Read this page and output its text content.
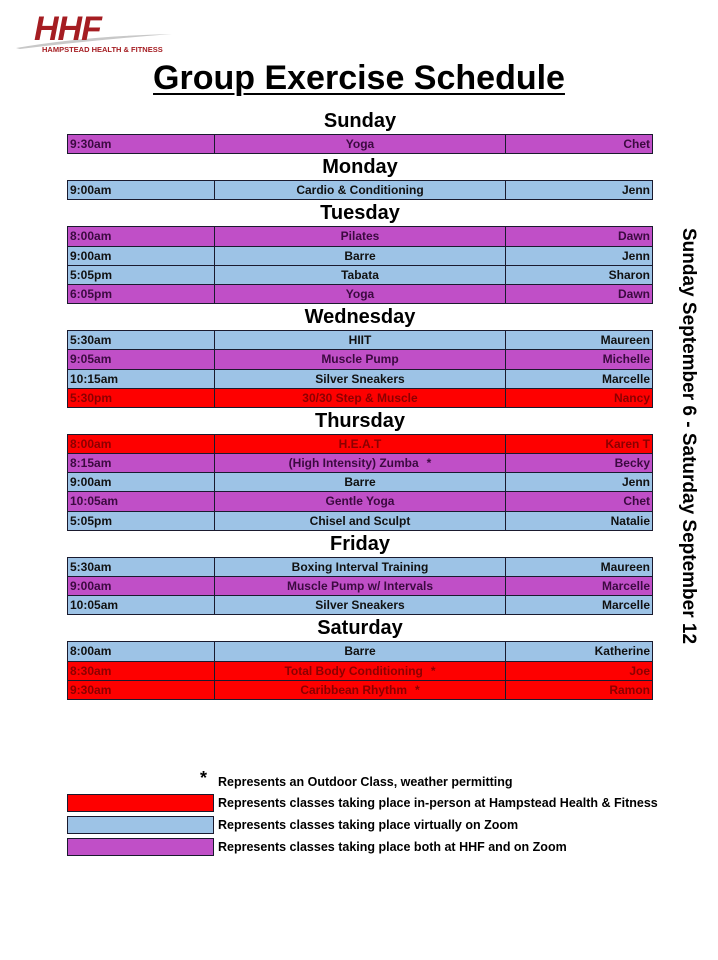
HHF
HAMPSTEAD HEALTH & FITNESS
Group Exercise Schedule
Sunday
9:30am	Yoga	Chet
Monday
9:00am	Cardio & Conditioning	Jenn
Tuesday
8:00am	Pilates	Dawn
9:00am	Barre	Jenn
5:05pm	Tabata	Sharon
6:05pm	Yoga	Dawn
Wednesday
5:30am	HIIT	Maureen
9:05am	Muscle Pump	Michelle
10:15am	Silver Sneakers	Marcelle
5:30pm	30/30 Step & Muscle	Nancy
Thursday
8:00am	H.E.A.T	Karen T
8:15am	(High Intensity) Zumba *	Becky
9:00am	Barre	Jenn
10:05am	Gentle Yoga	Chet
5:05pm	Chisel and Sculpt	Natalie
Friday
5:30am	Boxing Interval Training	Maureen
9:00am	Muscle Pump w/ Intervals	Marcelle
10:05am	Silver Sneakers	Marcelle
Saturday
8:00am	Barre	Katherine
8:30am	Total Body Conditioning *	Joe
9:30am	Caribbean Rhythm *	Ramon
Sunday September 6 - Saturday September 12
* Represents an Outdoor Class, weather permitting
Represents classes taking place in-person at Hampstead Health & Fitness
Represents classes taking place virtually on Zoom
Represents classes taking place both at HHF and on Zoom
